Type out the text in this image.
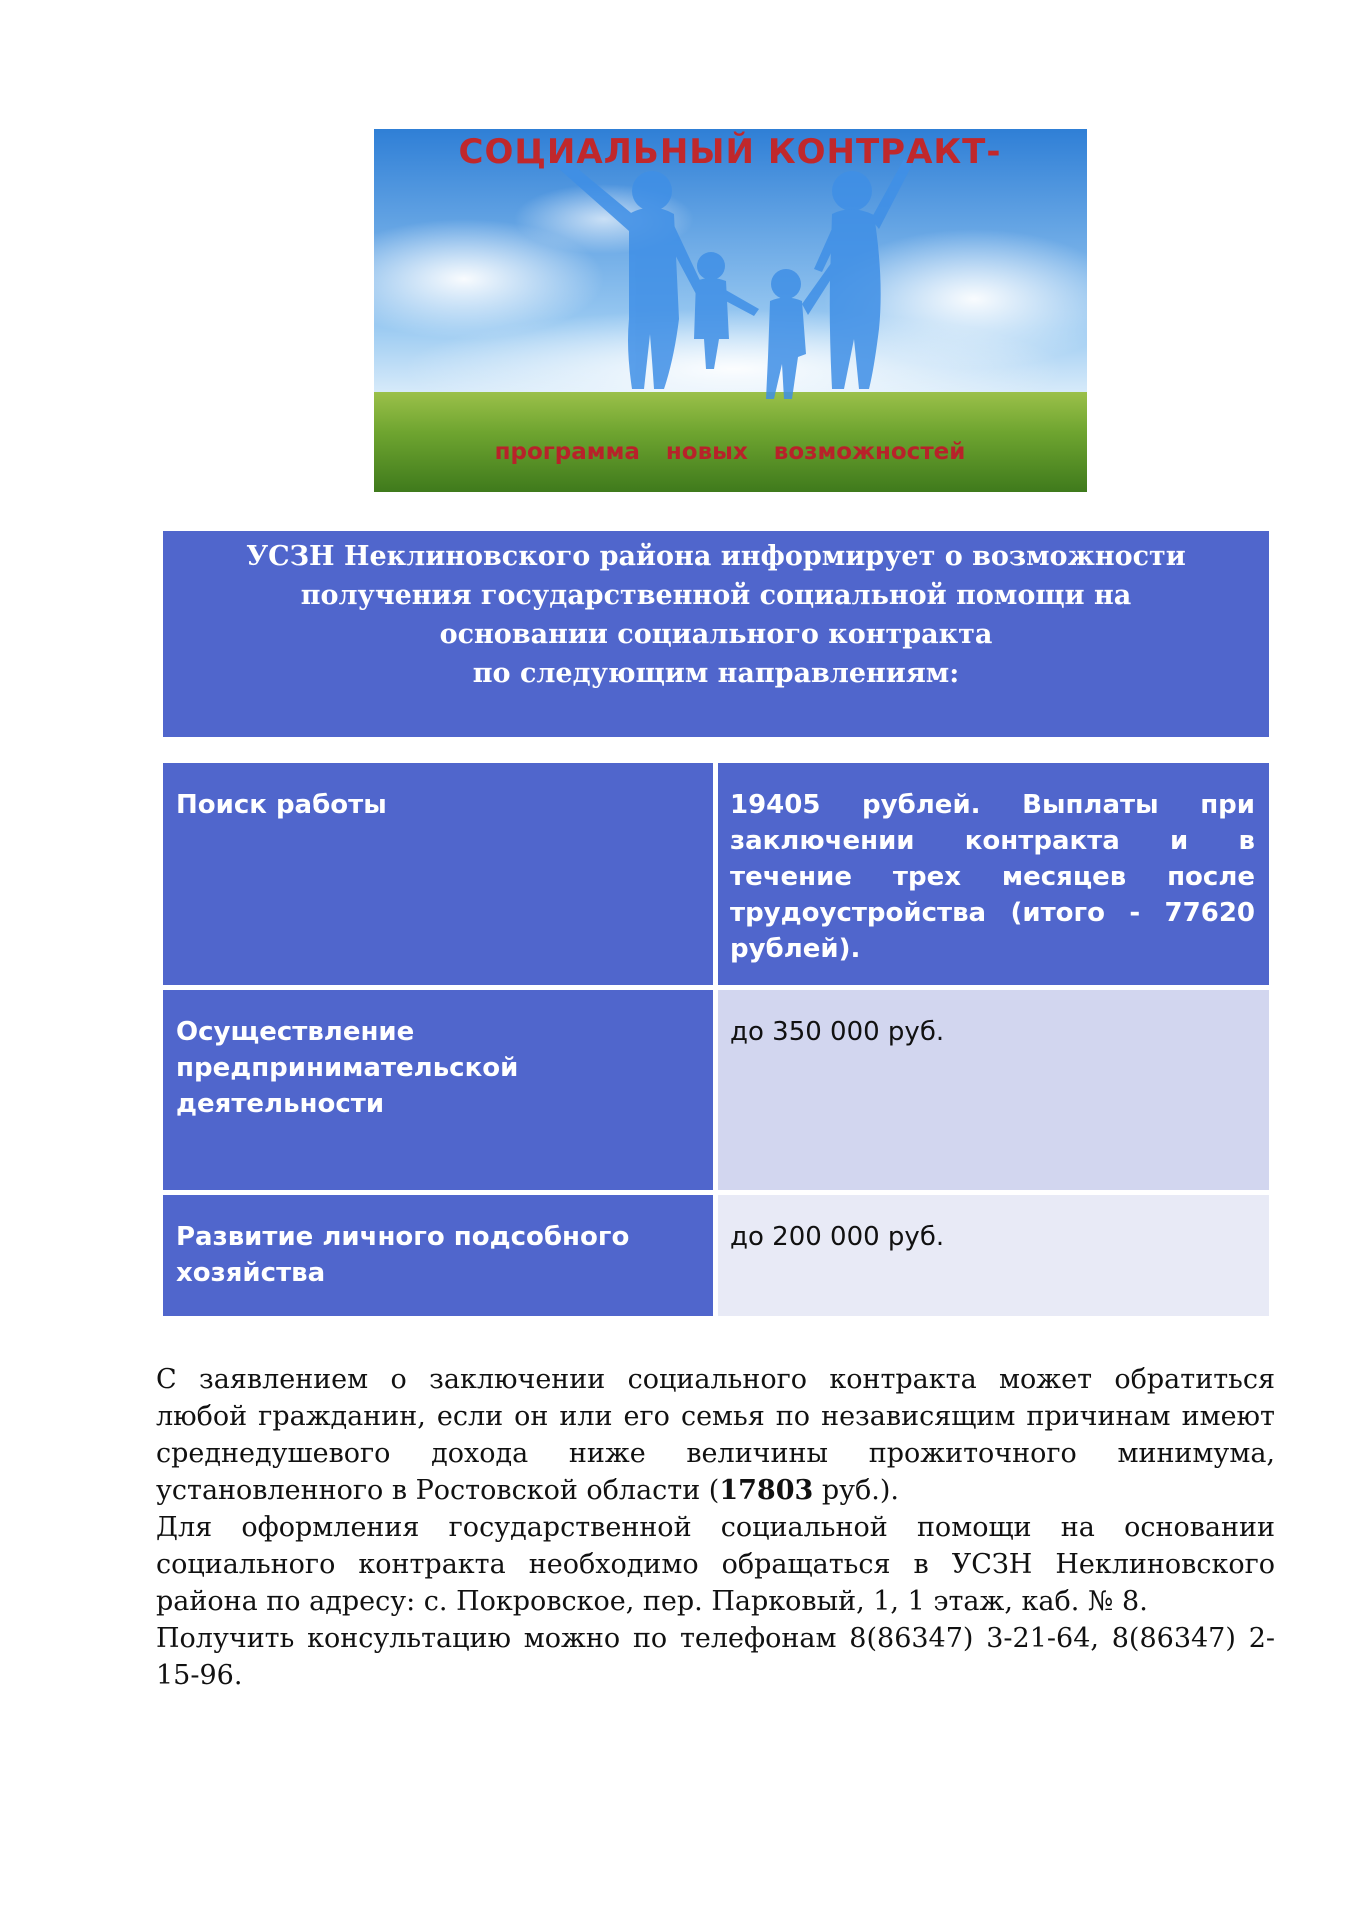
СОЦИАЛЬНЫЙ КОНТРАКТ-
программа новых возможностей
УСЗН Неклиновского района информирует о возможности
получения государственной социальной помощи на
основании социального контракта
по следующим направлениям:
Поиск работы	19405 рублей. Выплаты при заключении контракта и в течение трех месяцев после трудоустройства (итого - 77620 рублей).
Осуществление предпринимательской деятельности
до 350 000 руб.
Развитие личного подсобного хозяйства
до 200 000 руб.

С заявлением о заключении социального контракта может обратиться любой гражданин, если он или его семья по независящим причинам имеют среднедушевого дохода ниже величины прожиточного минимума, установленного в Ростовской области (17803 руб.).

Для оформления государственной социальной помощи на основании социального контракта необходимо обращаться в УСЗН Неклиновского района по адресу: с. Покровское, пер. Парковый, 1, 1 этаж, каб. № 8.

Получить консультацию можно по телефонам 8(86347) 3-21-64, 8(86347) 2-15-96.
